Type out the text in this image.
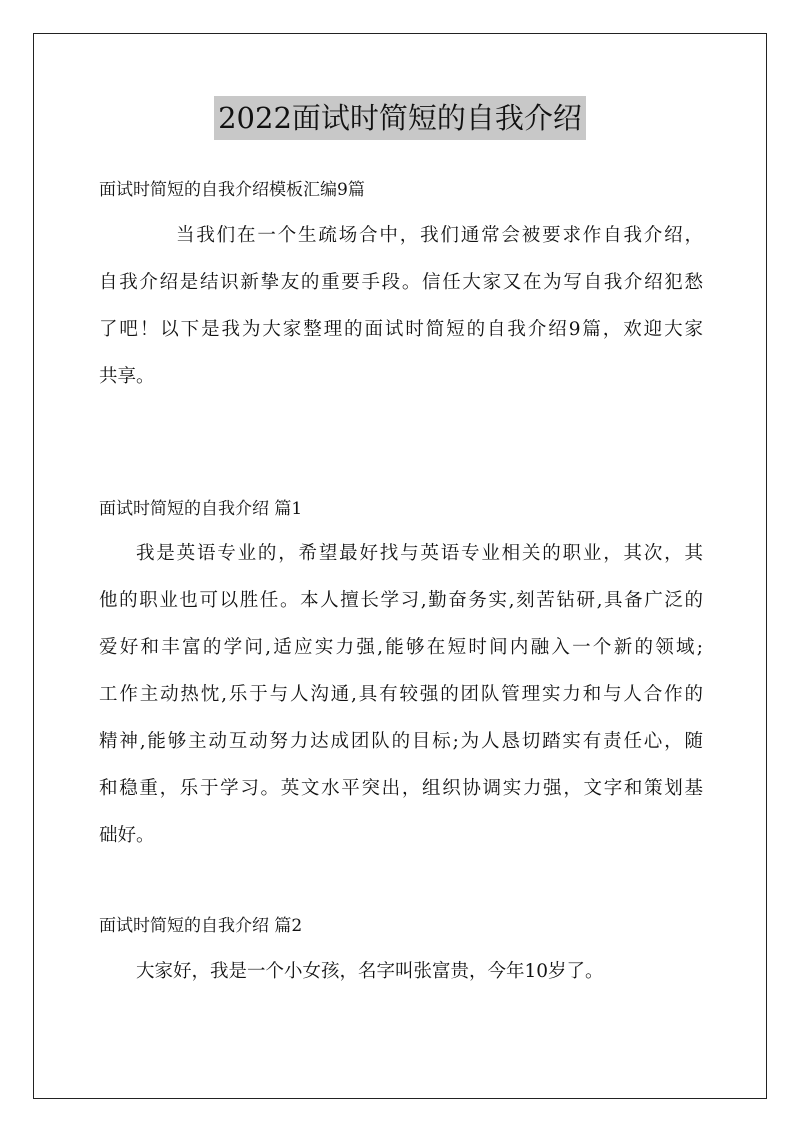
2022面试时简短的自我介绍
面试时简短的自我介绍模板汇编9篇
当我们在一个生疏场合中，我们通常会被要求作自我介绍，
自我介绍是结识新挚友的重要手段。信任大家又在为写自我介绍犯愁
了吧！以下是我为大家整理的面试时简短的自我介绍9篇，欢迎大家
共享。
面试时简短的自我介绍 篇1
我是英语专业的，希望最好找与英语专业相关的职业，其次，其
他的职业也可以胜任。本人擅长学习,勤奋务实,刻苦钻研,具备广泛的
爱好和丰富的学问,适应实力强,能够在短时间内融入一个新的领域;
工作主动热忱,乐于与人沟通,具有较强的团队管理实力和与人合作的
精神,能够主动互动努力达成团队的目标;为人恳切踏实有责任心，随
和稳重，乐于学习。英文水平突出，组织协调实力强，文字和策划基
础好。
面试时简短的自我介绍 篇2
大家好，我是一个小女孩，名字叫张富贵，今年10岁了。
